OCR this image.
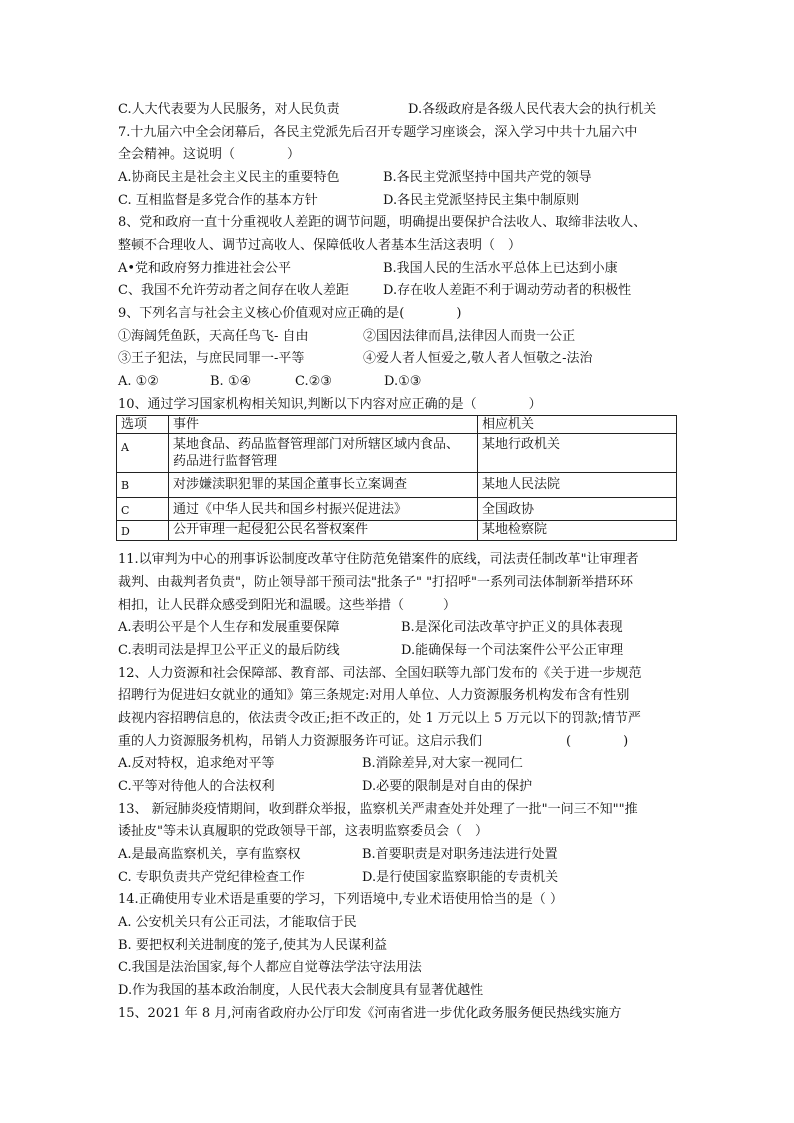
C.人大代表要为人民服务，对人民负责	D.各级政府是各级人民代表大会的执行机关
7.十九届六中全会闭幕后，各民主党派先后召开专题学习座谈会，深入学习中共十九届六中
全会精神。这说明（　　　　）
A.协商民主是社会主义民主的重要特色	B.各民主党派坚持中国共产党的领导
C. 互相监督是多党合作的基本方针	D.各民主党派坚持民主集中制原则
8、党和政府一直十分重视收人差距的调节问题，明确提出要保护合法收人、取缔非法收人、
整顿不合理收人、调节过高收人、保障低收人者基本生活这表明（　）
A•党和政府努力推进社会公平	B.我国人民的生活水平总体上已达到小康
C、我国不允许劳动者之间存在收人差距	D.存在收人差距不利于调动劳动者的积极性
9、下列名言与社会主义核心价值观对应正确的是(　　　　)
①海阔凭鱼跃，天高任鸟飞- 自由	②国因法律而昌,法律因人而贵一公正
③王子犯法，与庶民同罪一-平等	④爱人者人恒爱之,敬人者人恒敬之-法治
A. ①②	B. ①④	C.②③	D.①③
10、通过学习国家机构相关知识,判断以下内容对应正确的是（　　　　）
选项	事件	相应机关
A	某地食品、药品监督管理部门对所辖区域内食品、
药品进行监督管理	某地行政机关
B	对涉嫌渎职犯罪的某国企董事长立案调查	某地人民法院
C	通过《中华人民共和国乡村振兴促进法》	全国政协
D	公开审理一起侵犯公民名誉权案件	某地检察院
11.以审判为中心的刑事诉讼制度改革守住防范免错案件的底线，司法责任制改革"让审理者
裁判、由裁判者负责"，防止领导部干预司法"批条子" "打招呼"一系列司法体制新举措环环
相扣，让人民群众感受到阳光和温暖。这些举措（　　　）
A.表明公平是个人生存和发展重要保障	B.是深化司法改革守护正义的具体表现
C.表明司法是捍卫公平正义的最后防线	D.能确保每一个司法案件公平公正审理
12、人力资源和社会保障部、教育部、司法部、全国妇联等九部门发布的《关于进一步规范
招聘行为促进妇女就业的通知》第三条规定:对用人单位、人力资源服务机构发布含有性别
歧视内容招聘信息的，依法责令改正;拒不改正的，处 1 万元以上 5 万元以下的罚款;情节严
重的人力资源服务机构，吊销人力资源服务许可证。这启示我们	(　　　　)
A.反对特权，追求绝对平等	B.消除差异,对大家一视同仁
C.平等对待他人的合法权利	D.必要的限制是对自由的保护
13、 新冠肺炎疫情期间，收到群众举报，监察机关严肃查处并处理了一批"一问三不知""推
诿扯皮"等未认真履职的党政领导干部，这表明监察委员会（　）
A.是最高监察机关，享有监察权	B.首要职责是对职务违法进行处置
C. 专职负责共产党纪律检查工作	D.是行使国家监察职能的专责机关
14.正确使用专业术语是重要的学习，下列语境中,专业术语使用恰当的是（ ）
A. 公安机关只有公正司法，才能取信于民
B. 要把权利关进制度的笼子,使其为人民谋利益
C.我国是法治国家,每个人都应自觉尊法学法守法用法
D.作为我国的基本政治制度，人民代表大会制度具有显著优越性
15、2021 年 8 月,河南省政府办公厅印发《河南省进一步优化政务服务便民热线实施方
